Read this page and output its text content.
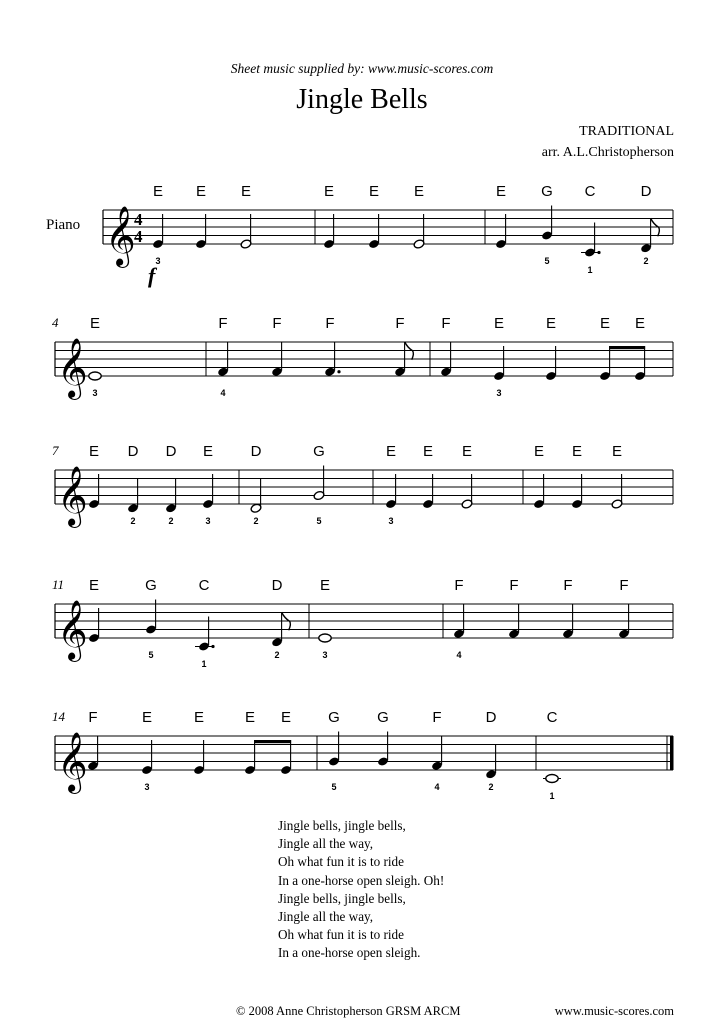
Sheet music supplied by: www.music-scores.com
Jingle Bells
TRADITIONAL
arr. A.L.Christopherson
Piano 𝄞
4
4
f
E
3
E E	E E E	E G
5
C
1
D
2
𝄞
4 E
3
F
4
F	F	F F	E
3
E	E E
𝄞
7 E D
2
D
2
E
3
D
2
G
5
E
3
E E	E E E
𝄞
11 E	G
5
C
1
D
2
E
3
F
4
F	F	F
𝄞
14 F	E
3
E	E E G
5
G	F
4
D
2
C
1
Jingle bells, jingle bells,
Jingle all the way,
Oh what fun it is to ride
In a one-horse open sleigh. Oh!
Jingle bells, jingle bells,
Jingle all the way,
Oh what fun it is to ride
In a one-horse open sleigh.
© 2008 Anne Christopherson GRSM ARCM	www.music-scores.com
